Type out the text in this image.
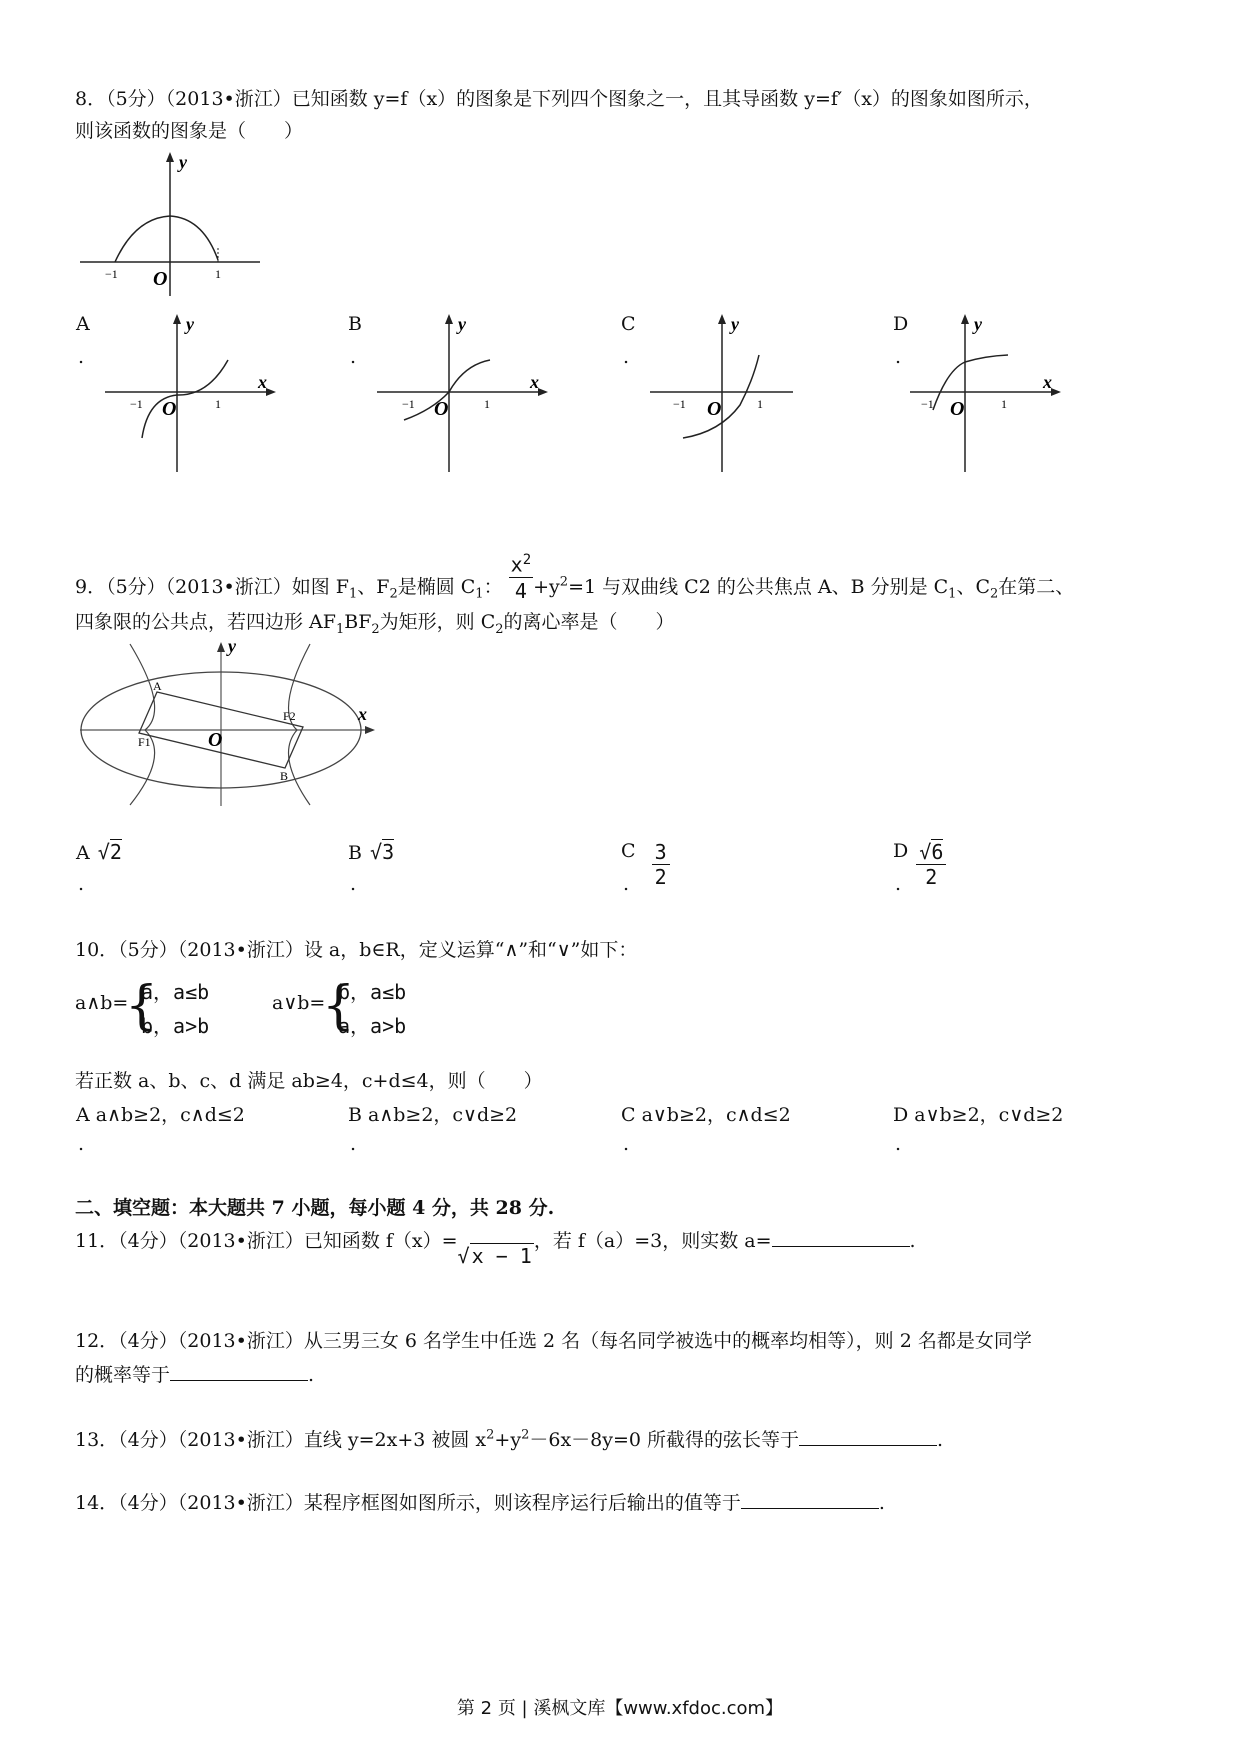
8．（5分）（2013•浙江）已知函数 y=f（x）的图象是下列四个图象之一，且其导函数 y=f′（x）的图象如图所示，
则该函数的图象是（　　）
y
−1	1
O
A
.
B
.
C
.
D
.
y
x
−1	1
O
y
x
−1	1
O
y
−1	1
O
y
x
−1	1
O
9．（5分）（2013•浙江）如图 $F_1$、$F_2$是椭圆 $C_1$： $\frac{x^2}{4} +y^2=1$ 与双曲线 C2 的公共焦点 A、B 分别是 $C_1$、$C_2$在第二、
四象限的公共点，若四边形 $AF_1BF_2$为矩形，则 $C_2$的离心率是（　　）
A
B
F1
F2
O
x
y
A √2
.
B √3
.
C $\frac{3}{2}$
.
D $\frac{√6}{2}$
.
10．（5分）（2013•浙江）设 a，b∈R，定义运算“∧”和“∨”如下：
a∧b=
{
a，a≤b
b，a>b
a∨b=
{
b，a≤b
a，a>b
若正数 a、b、c、d 满足 ab≥4，c+d≤4，则（　　）
A a∧b≥2，c∧d≤2
.
B a∧b≥2，c∨d≥2
.
C a∨b≥2，c∧d≤2
.
D a∨b≥2，c∨d≥2
.
二、填空题：本大题共 7 小题，每小题 4 分，共 28 分.
11．（4分）（2013•浙江）已知函数 f（x）=√ x − 1，若 f（a）=3，则实数 a=	.
12．（4分）（2013•浙江）从三男三女 6 名学生中任选 2 名（每名同学被选中的概率均相等），则 2 名都是女同学
的概率等于	.
13．（4分）（2013•浙江）直线 y=2x+3 被圆 $x^2+y^2-6x-8y=0$ 所截得的弦长等于	.
14．（4分）（2013•浙江）某程序框图如图所示，则该程序运行后输出的值等于	.
第 2 页 | 溪枫文库【www.xfdoc.com】
